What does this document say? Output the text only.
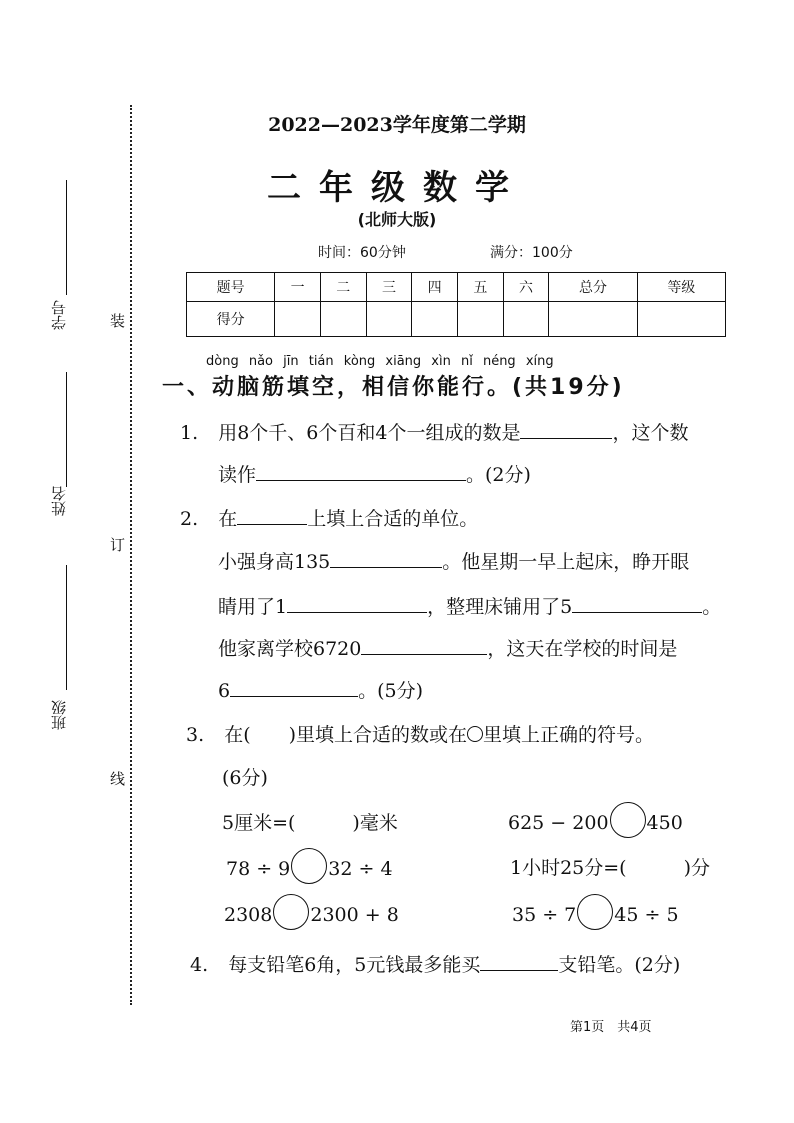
学号
姓名
班级
装
订
线
2022—2023学年度第二学期
二年级数学
(北师大版)
时间：60分钟	满分：100分
题号	一	二	三	四	五	六	总分	等级
得分								
dòng nǎo jīn tián kòng xiāng xìn nǐ néng xíng
一、动脑筋填空，相信你能行。(共19分)
1. 用8个千、6个百和4个一组成的数是	，这个数
读作	。(2分)
2. 在	上填上合适的单位。
小强身高135	。他星期一早上起床，睁开眼
睛用了1	，整理床铺用了5	。
他家离学校6720	，这天在学校的时间是
6	。(5分)
3. 在(　　)里填上合适的数或在 里填上正确的符号。
(6分)
5厘米=(　　　)毫米	625 − 200 450
78 ÷ 9 32 ÷ 4	1小时25分=(　　　)分
2308 2300 + 8	35 ÷ 7 45 ÷ 5
4. 每支铅笔6角，5元钱最多能买	支铅笔。(2分)
第1页　共4页
